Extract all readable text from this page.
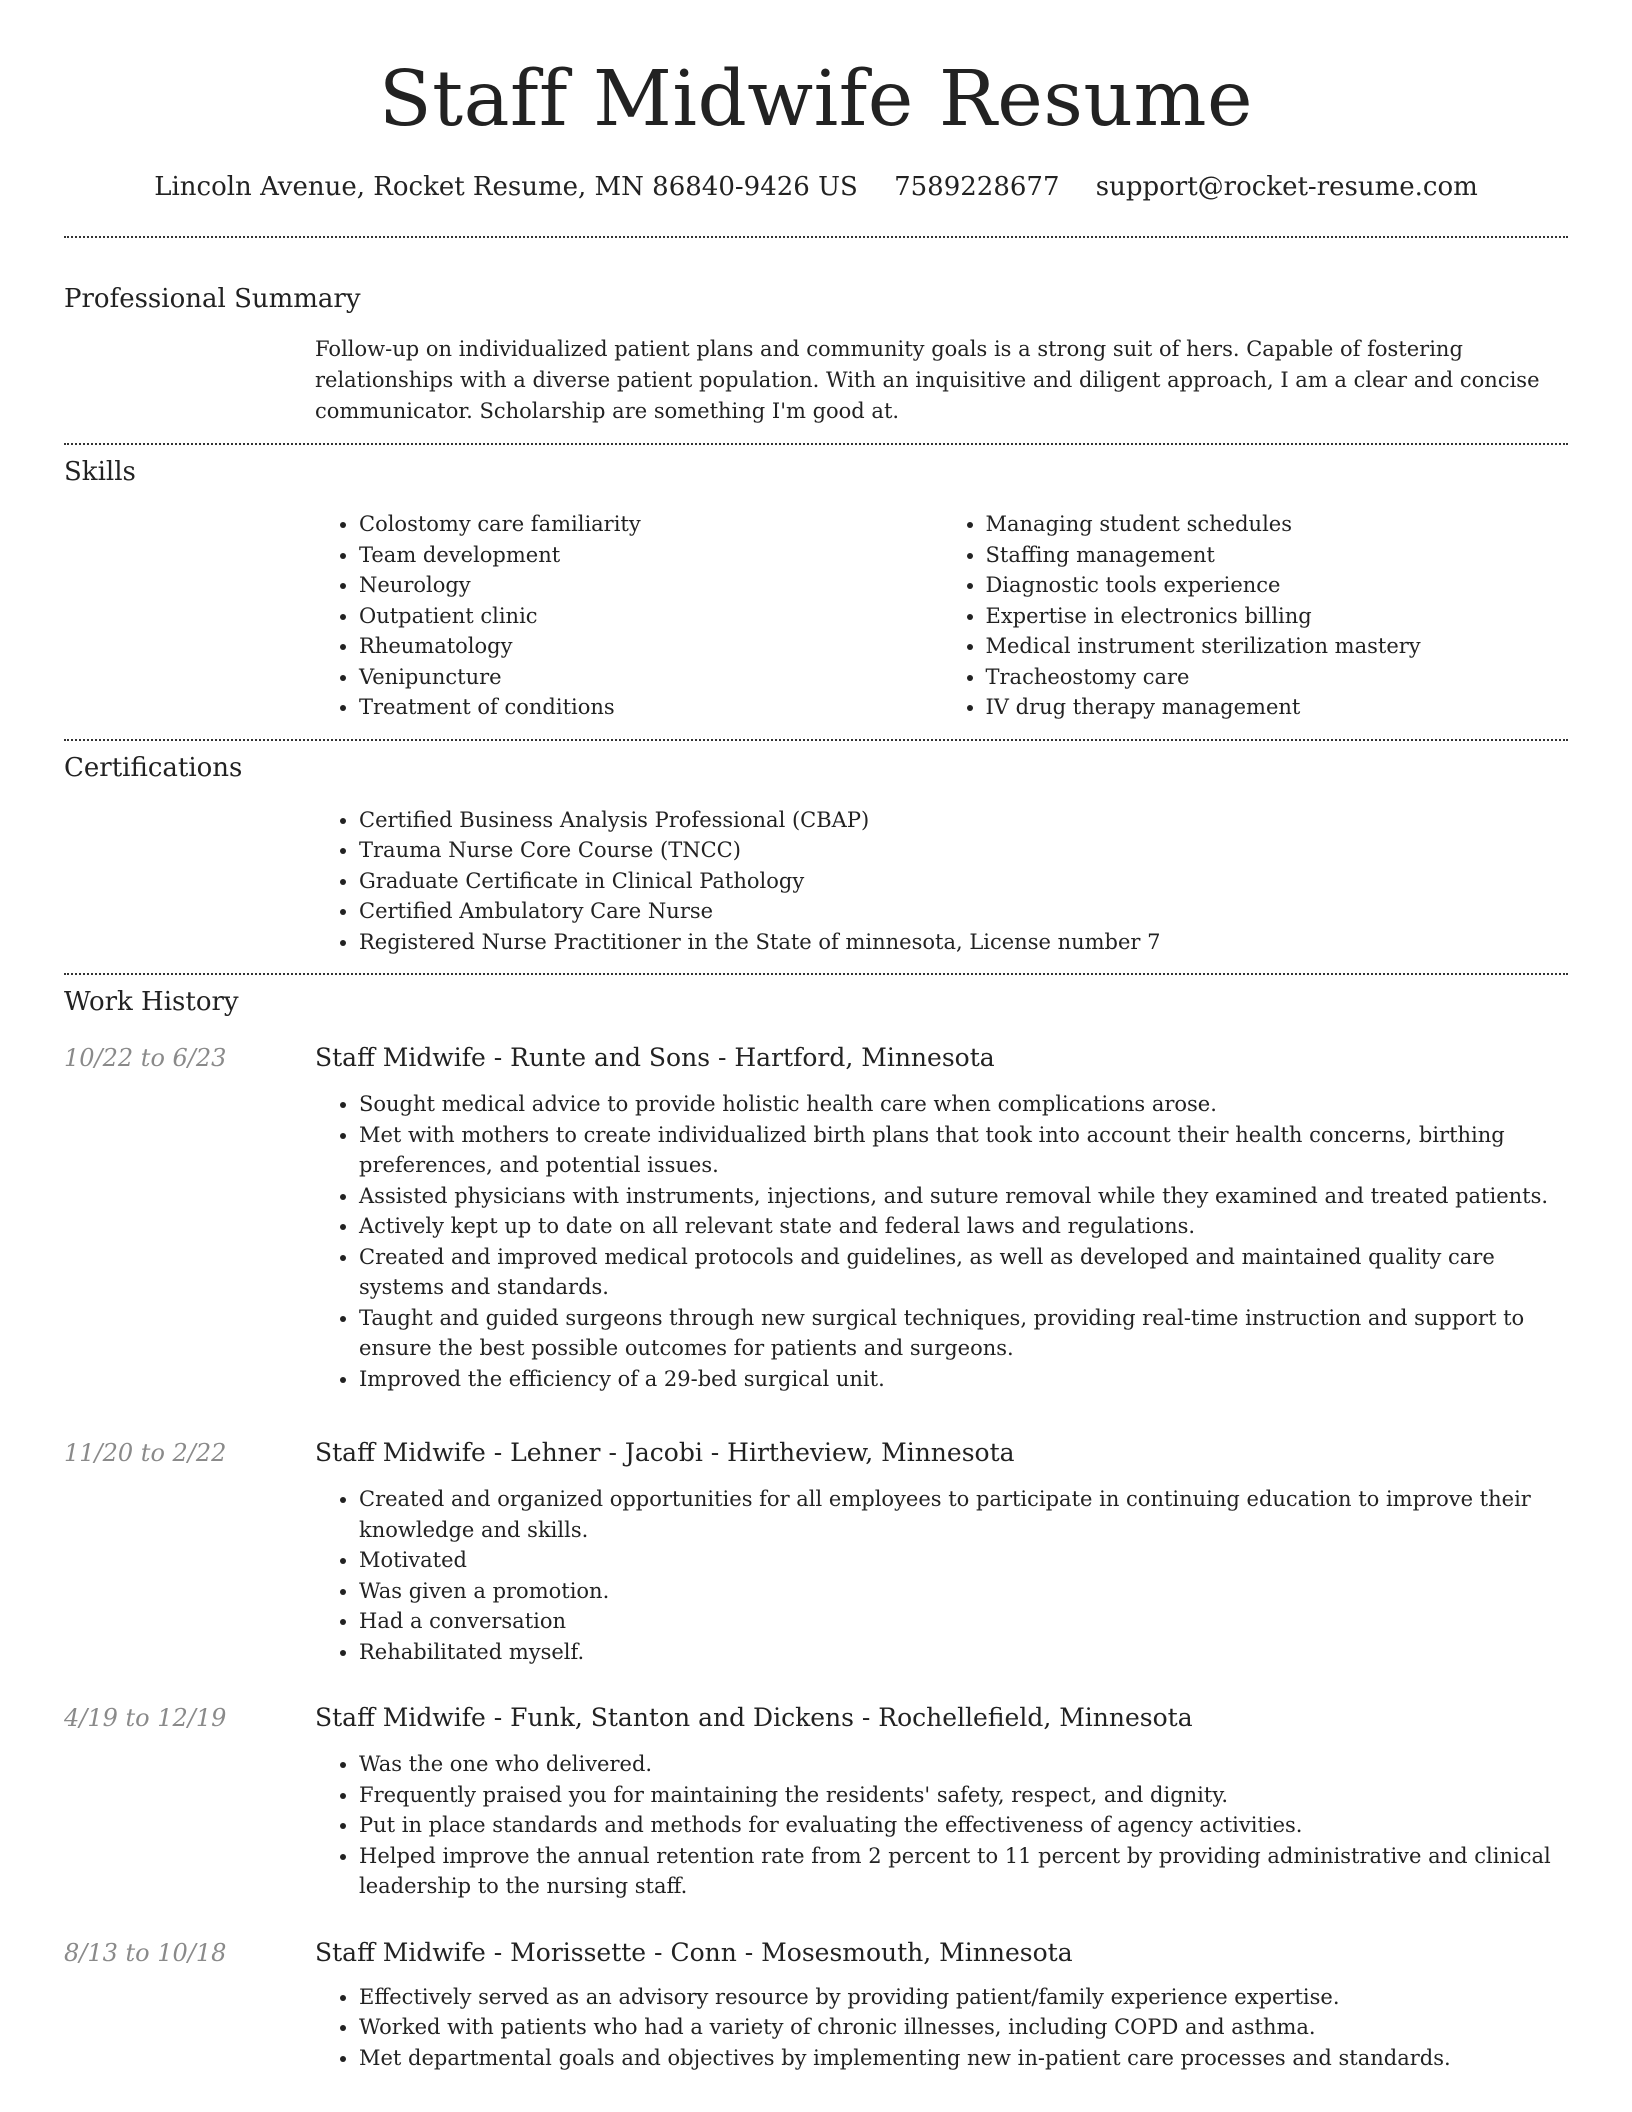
Staff Midwife Resume
Lincoln Avenue, Rocket Resume, MN 86840-9426 US 7589228677 support@rocket-resume.com
Professional Summary

Follow-up on individualized patient plans and community goals is a strong suit of hers. Capable of fostering relationships with a diverse patient population. With an inquisitive and diligent approach, I am a clear and concise communicator. Scholarship are something I'm good at.

Skills
• Colostomy care familiarity
• Team development
• Neurology
• Outpatient clinic
• Rheumatology
• Venipuncture
• Treatment of conditions
• Managing student schedules
• Staffing management
• Diagnostic tools experience
• Expertise in electronics billing
• Medical instrument sterilization mastery
• Tracheostomy care
• IV drug therapy management
Certifications
• Certified Business Analysis Professional (CBAP)
• Trauma Nurse Core Course (TNCC)
• Graduate Certificate in Clinical Pathology
• Certified Ambulatory Care Nurse
• Registered Nurse Practitioner in the State of minnesota, License number 7
Work History
10/22 to 6/23	Staff Midwife - Runte and Sons - Hartford, Minnesota
• Sought medical advice to provide holistic health care when complications arose.
• Met with mothers to create individualized birth plans that took into account their health concerns, birthing preferences, and potential issues.
• Assisted physicians with instruments, injections, and suture removal while they examined and treated patients.
• Actively kept up to date on all relevant state and federal laws and regulations.
• Created and improved medical protocols and guidelines, as well as developed and maintained quality care systems and standards.
• Taught and guided surgeons through new surgical techniques, providing real-time instruction and support to ensure the best possible outcomes for patients and surgeons.
• Improved the efficiency of a 29-bed surgical unit.
11/20 to 2/22	Staff Midwife - Lehner - Jacobi - Hirtheview, Minnesota
• Created and organized opportunities for all employees to participate in continuing education to improve their knowledge and skills.
• Motivated
• Was given a promotion.
• Had a conversation
• Rehabilitated myself.
4/19 to 12/19	Staff Midwife - Funk, Stanton and Dickens - Rochellefield, Minnesota
• Was the one who delivered.
• Frequently praised you for maintaining the residents' safety, respect, and dignity.
• Put in place standards and methods for evaluating the effectiveness of agency activities.
• Helped improve the annual retention rate from 2 percent to 11 percent by providing administrative and clinical leadership to the nursing staff.
8/13 to 10/18	Staff Midwife - Morissette - Conn - Mosesmouth, Minnesota
• Effectively served as an advisory resource by providing patient/family experience expertise.
• Worked with patients who had a variety of chronic illnesses, including COPD and asthma.
• Met departmental goals and objectives by implementing new in-patient care processes and standards.
